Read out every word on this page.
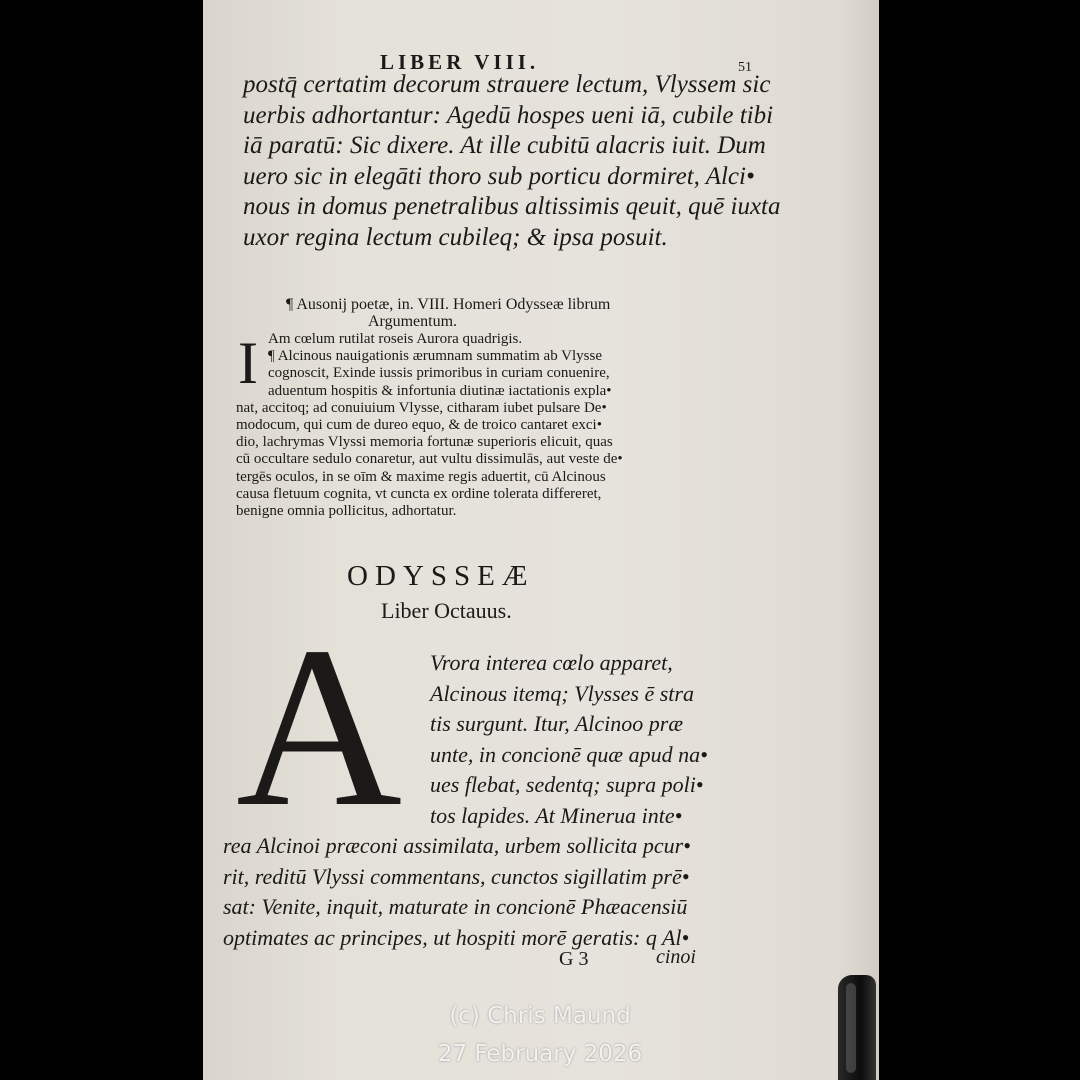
LIBER VIII.	51
postq̄ certatim decorum strauere lectum, Vlyssem sic
uerbis adhortantur: Agedū hospes ueni iā, cubile tibi
iā paratū: Sic dixere. At ille cubitū alacris iuit. Dum
uero sic in elegāti thoro sub porticu dormiret, Alci•
nous in domus penetralibus altissimis qeuit, quē iuxta
uxor regina lectum cubileq; & ipsa posuit.
¶ Ausonij poetæ, in. VIII. Homeri Odysseæ librum
Argumentum.
I Am cœlum rutilat roseis Aurora quadrigis.
¶ Alcinous nauigationis ærumnam summatim ab Vlysse
cognoscit, Exinde iussis primoribus in curiam conuenire,
aduentum hospitis & infortunia diutinæ iactationis expla•
nat, accitoq; ad conuiuium Vlysse, citharam iubet pulsare De•
modocum, qui cum de dureo equo, & de troico cantaret exci•
dio, lachrymas Vlyssi memoria fortunæ superioris elicuit, quas
cū occultare sedulo conaretur, aut vultu dissimulās, aut veste de•
tergēs oculos, in se oīm & maxime regis aduertit, cū Alcinous
causa fletuum cognita, vt cuncta ex ordine tolerata differeret,
benigne omnia pollicitus, adhortatur.
ODYSSEÆ
Liber Octauus.
A	Vrora interea cœlo apparet,
Alcinous itemq; Vlysses ē stra
tis surgunt. Itur, Alcinoo præ
unte, in concionē quæ apud na•
ues flebat, sedentq; supra poli•
tos lapides. At Minerua inte•
rea Alcinoi præconi assimilata, urbem sollicita pcur•
rit, reditū Vlyssi commentans, cunctos sigillatim prē•
sat: Venite, inquit, maturate in concionē Phæacensiū
optimates ac principes, ut hospiti morē geratis: q Al•
G 3	cinoi
(c) Chris Maund
27 February 2026
